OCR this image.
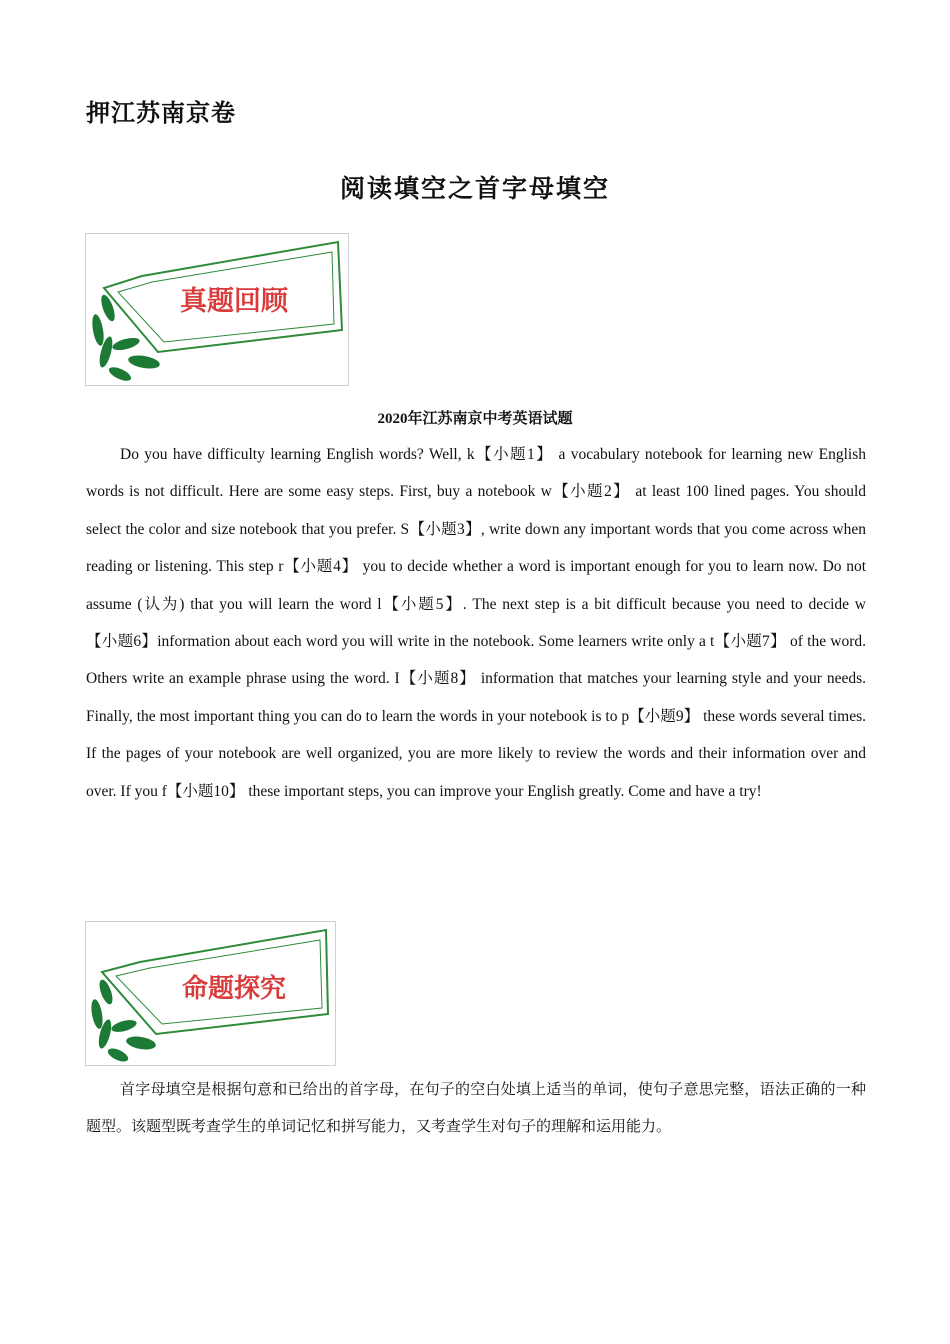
押江苏南京卷
阅读填空之首字母填空
真题回顾
2020年江苏南京中考英语试题

Do you have difficulty learning English words? Well, k【小题1】 a vocabulary notebook for learning new English words is not difficult. Here are some easy steps. First, buy a notebook w【小题2】 at least 100 lined pages. You should select the color and size notebook that you prefer. S【小题3】, write down any important words that you come across when reading or listening. This step r【小题4】 you to decide whether a word is important enough for you to learn now. Do not assume (认为) that you will learn the word l【小题5】. The next step is a bit difficult because you need to decide w【小题6】information about each word you will write in the notebook. Some learners write only a t【小题7】 of the word. Others write an example phrase using the word. I【小题8】 information that matches your learning style and your needs. Finally, the most important thing you can do to learn the words in your notebook is to p【小题9】 these words several times. If the pages of your notebook are well organized, you are more likely to review the words and their information over and over. If you f【小题10】 these important steps, you can improve your English greatly. Come and have a try!

命题探究

首字母填空是根据句意和已给出的首字母，在句子的空白处填上适当的单词，使句子意思完整，语法正确的一种题型。该题型既考查学生的单词记忆和拼写能力，又考查学生对句子的理解和运用能力。
